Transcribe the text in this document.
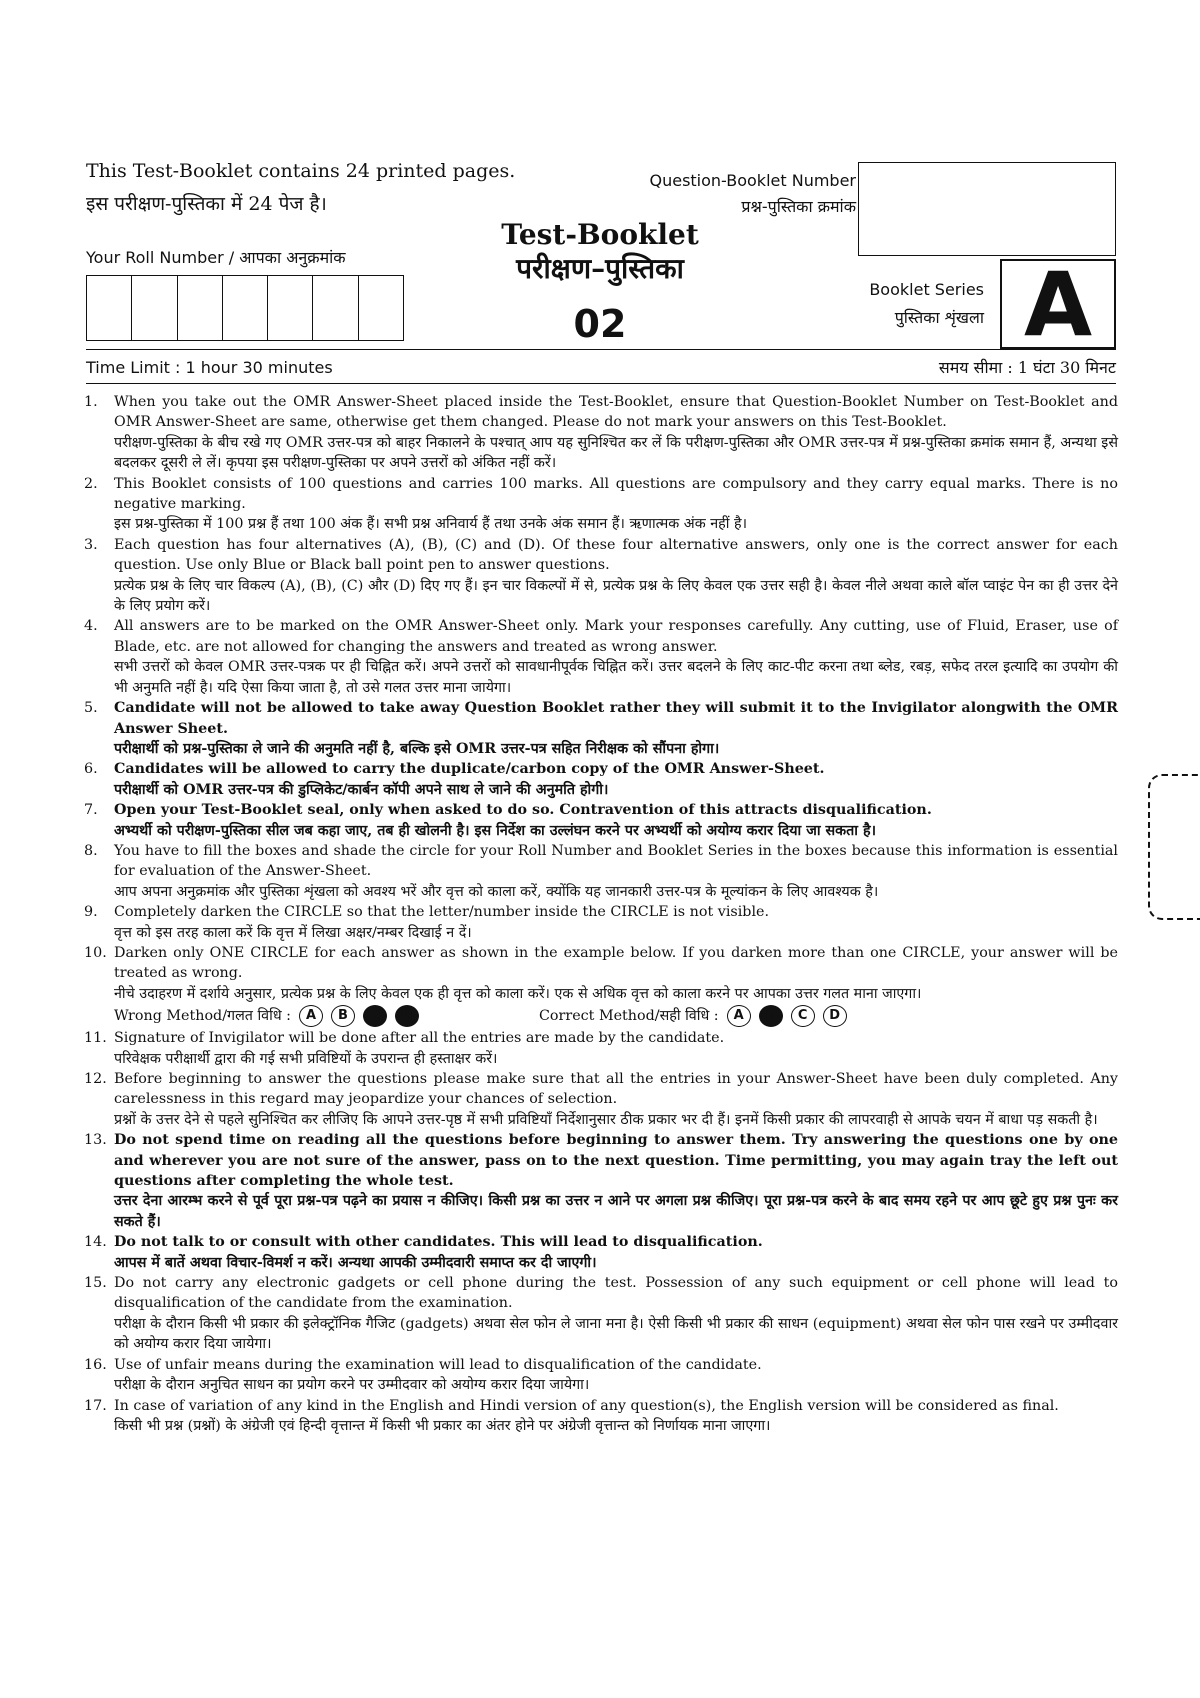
This Test-Booklet contains 24 printed pages.
इस परीक्षण-पुस्तिका में 24 पेज है।
Your Roll Number / आपका अनुक्रमांक
Question-Booklet Number
प्रश्न-पुस्तिका क्रमांक
Test-Booklet
परीक्षण–पुस्तिका
02
Booklet Series
पुस्तिका शृंखला A
Time Limit : 1 hour 30 minutes	समय सीमा : 1 घंटा 30 मिनट
1.	When you take out the OMR Answer-Sheet placed inside the Test-Booklet, ensure that Question-Booklet Number on Test-Booklet and OMR Answer-Sheet are same, otherwise get them changed. Please do not mark your answers on this Test-Booklet.

परीक्षण-पुस्तिका के बीच रखे गए OMR उत्तर-पत्र को बाहर निकालने के पश्चात् आप यह सुनिश्चित कर लें कि परीक्षण-पुस्तिका और OMR उत्तर-पत्र में प्रश्न-पुस्तिका क्रमांक समान हैं, अन्यथा इसे बदलकर दूसरी ले लें। कृपया इस परीक्षण-पुस्तिका पर अपने उत्तरों को अंकित नहीं करें।

2.	This Booklet consists of 100 questions and carries 100 marks. All questions are compulsory and they carry equal marks. There is no negative marking.

इस प्रश्न-पुस्तिका में 100 प्रश्न हैं तथा 100 अंक हैं। सभी प्रश्न अनिवार्य हैं तथा उनके अंक समान हैं। ऋणात्मक अंक नहीं है।

3.	Each question has four alternatives (A), (B), (C) and (D). Of these four alternative answers, only one is the correct answer for each question. Use only Blue or Black ball point pen to answer questions.

प्रत्येक प्रश्न के लिए चार विकल्प (A), (B), (C) और (D) दिए गए हैं। इन चार विकल्पों में से, प्रत्येक प्रश्न के लिए केवल एक उत्तर सही है। केवल नीले अथवा काले बॉल प्वाइंट पेन का ही उत्तर देने के लिए प्रयोग करें।

4.	All answers are to be marked on the OMR Answer-Sheet only. Mark your responses carefully. Any cutting, use of Fluid, Eraser, use of Blade, etc. are not allowed for changing the answers and treated as wrong answer.

सभी उत्तरों को केवल OMR उत्तर-पत्रक पर ही चिह्नित करें। अपने उत्तरों को सावधानीपूर्वक चिह्नित करें। उत्तर बदलने के लिए काट-पीट करना तथा ब्लेड, रबड़, सफेद तरल इत्यादि का उपयोग की भी अनुमति नहीं है। यदि ऐसा किया जाता है, तो उसे गलत उत्तर माना जायेगा।

5.	Candidate will not be allowed to take away Question Booklet rather they will submit it to the Invigilator alongwith the OMR Answer Sheet.

परीक्षार्थी को प्रश्न-पुस्तिका ले जाने की अनुमति नहीं है, बल्कि इसे OMR उत्तर-पत्र सहित निरीक्षक को सौंपना होगा।

6.	Candidates will be allowed to carry the duplicate/carbon copy of the OMR Answer-Sheet.

परीक्षार्थी को OMR उत्तर-पत्र की डुप्लिकेट/कार्बन कॉपी अपने साथ ले जाने की अनुमति होगी।

7.	Open your Test-Booklet seal, only when asked to do so. Contravention of this attracts disqualification.

अभ्यर्थी को परीक्षण-पुस्तिका सील जब कहा जाए, तब ही खोलनी है। इस निर्देश का उल्लंघन करने पर अभ्यर्थी को अयोग्य करार दिया जा सकता है।

8.	You have to fill the boxes and shade the circle for your Roll Number and Booklet Series in the boxes because this information is essential for evaluation of the Answer-Sheet.

आप अपना अनुक्रमांक और पुस्तिका शृंखला को अवश्य भरें और वृत्त को काला करें, क्योंकि यह जानकारी उत्तर-पत्र के मूल्यांकन के लिए आवश्यक है।

9.	Completely darken the CIRCLE so that the letter/number inside the CIRCLE is not visible.

वृत्त को इस तरह काला करें कि वृत्त में लिखा अक्षर/नम्बर दिखाई न दें।

10. Darken only ONE CIRCLE for each answer as shown in the example below. If you darken more than one CIRCLE, your answer will be treated as wrong.

नीचे उदाहरण में दर्शाये अनुसार, प्रत्येक प्रश्न के लिए केवल एक ही वृत्त को काला करें। एक से अधिक वृत्त को काला करने पर आपका उत्तर गलत माना जाएगा।

Wrong Method/गलत विधि :	A	B	C	D	Correct Method/सही विधि :	A	B	C	D
11. Signature of Invigilator will be done after all the entries are made by the candidate.

परिवेक्षक परीक्षार्थी द्वारा की गई सभी प्रविष्टियों के उपरान्त ही हस्ताक्षर करें।

12. Before beginning to answer the questions please make sure that all the entries in your Answer-Sheet have been duly completed. Any carelessness in this regard may jeopardize your chances of selection.

प्रश्नों के उत्तर देने से पहले सुनिश्चित कर लीजिए कि आपने उत्तर-पृष्ठ में सभी प्रविष्टियाँ निर्देशानुसार ठीक प्रकार भर दी हैं। इनमें किसी प्रकार की लापरवाही से आपके चयन में बाधा पड़ सकती है।

13. Do not spend time on reading all the questions before beginning to answer them. Try answering the questions one by one and wherever you are not sure of the answer, pass on to the next question. Time permitting, you may again tray the left out questions after completing the whole test.

उत्तर देना आरम्भ करने से पूर्व पूरा प्रश्न-पत्र पढ़ने का प्रयास न कीजिए। किसी प्रश्न का उत्तर न आने पर अगला प्रश्न कीजिए। पूरा प्रश्न-पत्र करने के बाद समय रहने पर आप छूटे हुए प्रश्न पुनः कर सकते हैं।

14. Do not talk to or consult with other candidates. This will lead to disqualification.

आपस में बातें अथवा विचार-विमर्श न करें। अन्यथा आपकी उम्मीदवारी समाप्त कर दी जाएगी।

15. Do not carry any electronic gadgets or cell phone during the test. Possession of any such equipment or cell phone will lead to disqualification of the candidate from the examination.

परीक्षा के दौरान किसी भी प्रकार की इलेक्ट्रॉनिक गैजिट (gadgets) अथवा सेल फोन ले जाना मना है। ऐसी किसी भी प्रकार की साधन (equipment) अथवा सेल फोन पास रखने पर उम्मीदवार को अयोग्य करार दिया जायेगा।

16. Use of unfair means during the examination will lead to disqualification of the candidate.

परीक्षा के दौरान अनुचित साधन का प्रयोग करने पर उम्मीदवार को अयोग्य करार दिया जायेगा।

17. In case of variation of any kind in the English and Hindi version of any question(s), the English version will be considered as final.

किसी भी प्रश्न (प्रश्नों) के अंग्रेजी एवं हिन्दी वृत्तान्त में किसी भी प्रकार का अंतर होने पर अंग्रेजी वृत्तान्त को निर्णायक माना जाएगा।
